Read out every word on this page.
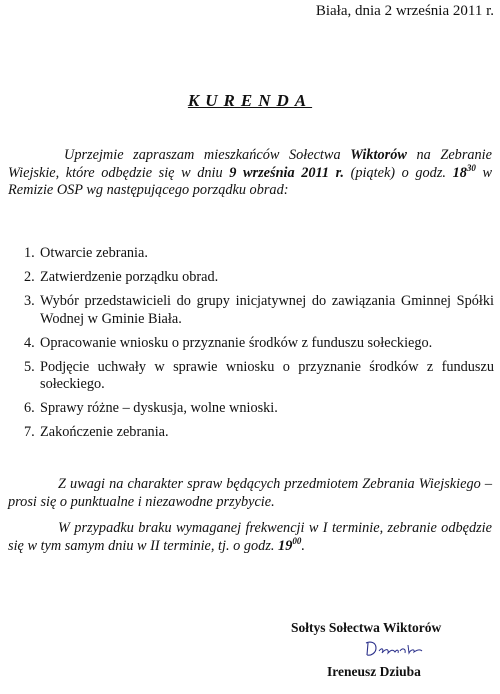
Biała, dnia 2 września 2011 r.
KURENDA
Uprzejmie zapraszam mieszkańców Sołectwa Wiktorów na Zebranie Wiejskie, które odbędzie się w dniu 9 września 2011 r. (piątek) o godz. $18^{30}$ w Remizie OSP wg następującego porządku obrad:
1. Otwarcie zebrania.
2. Zatwierdzenie porządku obrad.
3. Wybór przedstawicieli do grupy inicjatywnej do zawiązania Gminnej Spółki Wodnej w Gminie Biała.
4. Opracowanie wniosku o przyznanie środków z funduszu sołeckiego.
5. Podjęcie uchwały w sprawie wniosku o przyznanie środków z funduszu sołeckiego.
6. Sprawy różne – dyskusja, wolne wnioski.
7. Zakończenie zebrania.
Z uwagi na charakter spraw będących przedmiotem Zebrania Wiejskiego – prosi się o punktualne i niezawodne przybycie.
W przypadku braku wymaganej frekwencji w I terminie, zebranie odbędzie się w tym samym dniu w II terminie, tj. o godz. $19^{00}$.
Sołtys Sołectwa Wiktorów
Ireneusz Dziuba
